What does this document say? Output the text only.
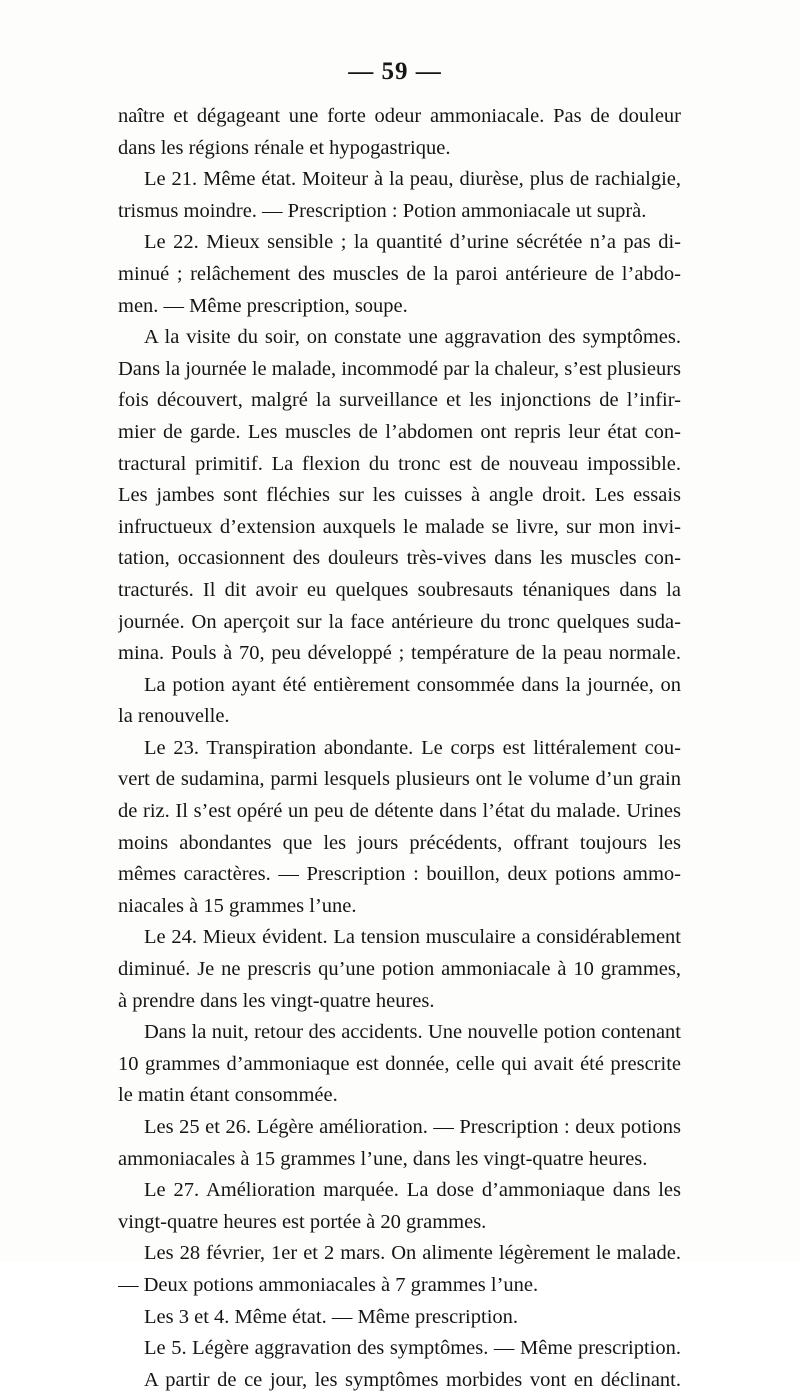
— 59 —
naître et dégageant une forte odeur ammoniacale. Pas de douleur
dans les régions rénale et hypogastrique.
Le 21. Même état. Moiteur à la peau, diurèse, plus de rachialgie,
trismus moindre. — Prescription : Potion ammoniacale ut suprà.
Le 22. Mieux sensible ; la quantité d’urine sécrétée n’a pas di-
minué ; relâchement des muscles de la paroi antérieure de l’abdo-
men. — Même prescription, soupe.
A la visite du soir, on constate une aggravation des symptômes.
Dans la journée le malade, incommodé par la chaleur, s’est plusieurs
fois découvert, malgré la surveillance et les injonctions de l’infir-
mier de garde. Les muscles de l’abdomen ont repris leur état con-
tractural primitif. La flexion du tronc est de nouveau impossible.
Les jambes sont fléchies sur les cuisses à angle droit. Les essais
infructueux d’extension auxquels le malade se livre, sur mon invi-
tation, occasionnent des douleurs très-vives dans les muscles con-
tracturés. Il dit avoir eu quelques soubresauts ténaniques dans la
journée. On aperçoit sur la face antérieure du tronc quelques suda-
mina. Pouls à 70, peu développé ; température de la peau normale.
La potion ayant été entièrement consommée dans la journée, on
la renouvelle.
Le 23. Transpiration abondante. Le corps est littéralement cou-
vert de sudamina, parmi lesquels plusieurs ont le volume d’un grain
de riz. Il s’est opéré un peu de détente dans l’état du malade. Urines
moins abondantes que les jours précédents, offrant toujours les
mêmes caractères. — Prescription : bouillon, deux potions ammo-
niacales à 15 grammes l’une.
Le 24. Mieux évident. La tension musculaire a considérablement
diminué. Je ne prescris qu’une potion ammoniacale à 10 grammes,
à prendre dans les vingt-quatre heures.
Dans la nuit, retour des accidents. Une nouvelle potion contenant
10 grammes d’ammoniaque est donnée, celle qui avait été prescrite
le matin étant consommée.
Les 25 et 26. Légère amélioration. — Prescription : deux potions
ammoniacales à 15 grammes l’une, dans les vingt-quatre heures.
Le 27. Amélioration marquée. La dose d’ammoniaque dans les
vingt-quatre heures est portée à 20 grammes.
Les 28 février, 1er et 2 mars. On alimente légèrement le malade.
— Deux potions ammoniacales à 7 grammes l’une.
Les 3 et 4. Même état. — Même prescription.
Le 5. Légère aggravation des symptômes. — Même prescription.
A partir de ce jour, les symptômes morbides vont en déclinant.
